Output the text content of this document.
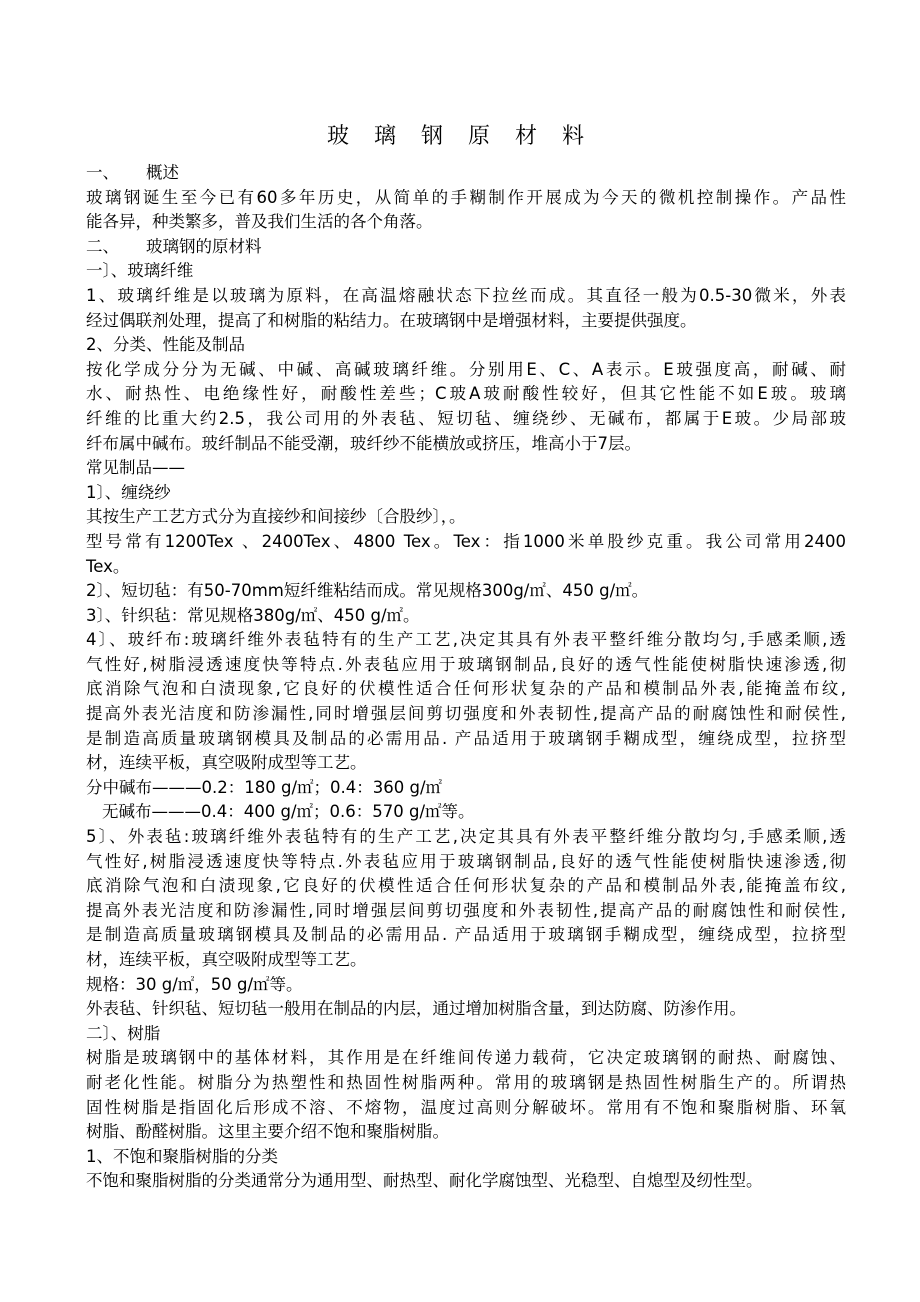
玻 璃 钢 原 材 料
一、 概述
玻璃钢诞生至今已有60多年历史，从简单的手糊制作开展成为今天的微机控制操作。产品性
能各异，种类繁多，普及我们生活的各个角落。
二、 玻璃钢的原材料
一〕、玻璃纤维
1、玻璃纤维是以玻璃为原料，在高温熔融状态下拉丝而成。其直径一般为0.5-30微米，外表
经过偶联剂处理，提高了和树脂的粘结力。在玻璃钢中是增强材料，主要提供强度。
2、分类、性能及制品
按化学成分分为无碱、中碱、高碱玻璃纤维。分别用E、C、A表示。E玻强度高，耐碱、耐
水、耐热性、电绝缘性好，耐酸性差些；C玻A玻耐酸性较好，但其它性能不如E玻。玻璃
纤维的比重大约2.5，我公司用的外表毡、短切毡、缠绕纱、无碱布，都属于E玻。少局部玻
纤布属中碱布。玻纤制品不能受潮，玻纤纱不能横放或挤压，堆高小于7层。
常见制品——
1〕、缠绕纱
其按生产工艺方式分为直接纱和间接纱〔合股纱〕，。
型号常有1200Tex 、2400Tex、4800 Tex。Tex：指1000米单股纱克重。我公司常用2400
Tex。
2〕、短切毡：有50-70mm短纤维粘结而成。常见规格300g/㎡、450 g/㎡。
3〕、针织毡：常见规格380g/㎡、450 g/㎡。
4〕、玻纤布:玻璃纤维外表毡特有的生产工艺,决定其具有外表平整纤维分散均匀,手感柔顺,透
气性好,树脂浸透速度快等特点.外表毡应用于玻璃钢制品,良好的透气性能使树脂快速渗透,彻
底消除气泡和白渍现象,它良好的伏模性适合任何形状复杂的产品和模制品外表,能掩盖布纹,
提高外表光洁度和防渗漏性,同时增强层间剪切强度和外表韧性,提高产品的耐腐蚀性和耐侯性,
是制造高质量玻璃钢模具及制品的必需用品. 产品适用于玻璃钢手糊成型，缠绕成型，拉挤型
材，连续平板，真空吸附成型等工艺。
分中碱布———0.2：180 g/㎡；0.4：360 g/㎡
无碱布———0.4：400 g/㎡；0.6：570 g/㎡等。
5〕、外表毡:玻璃纤维外表毡特有的生产工艺,决定其具有外表平整纤维分散均匀,手感柔顺,透
气性好,树脂浸透速度快等特点.外表毡应用于玻璃钢制品,良好的透气性能使树脂快速渗透,彻
底消除气泡和白渍现象,它良好的伏模性适合任何形状复杂的产品和模制品外表,能掩盖布纹,
提高外表光洁度和防渗漏性,同时增强层间剪切强度和外表韧性,提高产品的耐腐蚀性和耐侯性,
是制造高质量玻璃钢模具及制品的必需用品. 产品适用于玻璃钢手糊成型，缠绕成型，拉挤型
材，连续平板，真空吸附成型等工艺。
规格：30 g/㎡，50 g/㎡等。
外表毡、针织毡、短切毡一般用在制品的内层，通过增加树脂含量，到达防腐、防渗作用。
二〕、树脂
树脂是玻璃钢中的基体材料，其作用是在纤维间传递力载荷，它决定玻璃钢的耐热、耐腐蚀、
耐老化性能。树脂分为热塑性和热固性树脂两种。常用的玻璃钢是热固性树脂生产的。所谓热
固性树脂是指固化后形成不溶、不熔物，温度过高则分解破坏。常用有不饱和聚脂树脂、环氧
树脂、酚醛树脂。这里主要介绍不饱和聚脂树脂。
1、不饱和聚脂树脂的分类
不饱和聚脂树脂的分类通常分为通用型、耐热型、耐化学腐蚀型、光稳型、自熄型及纫性型。
